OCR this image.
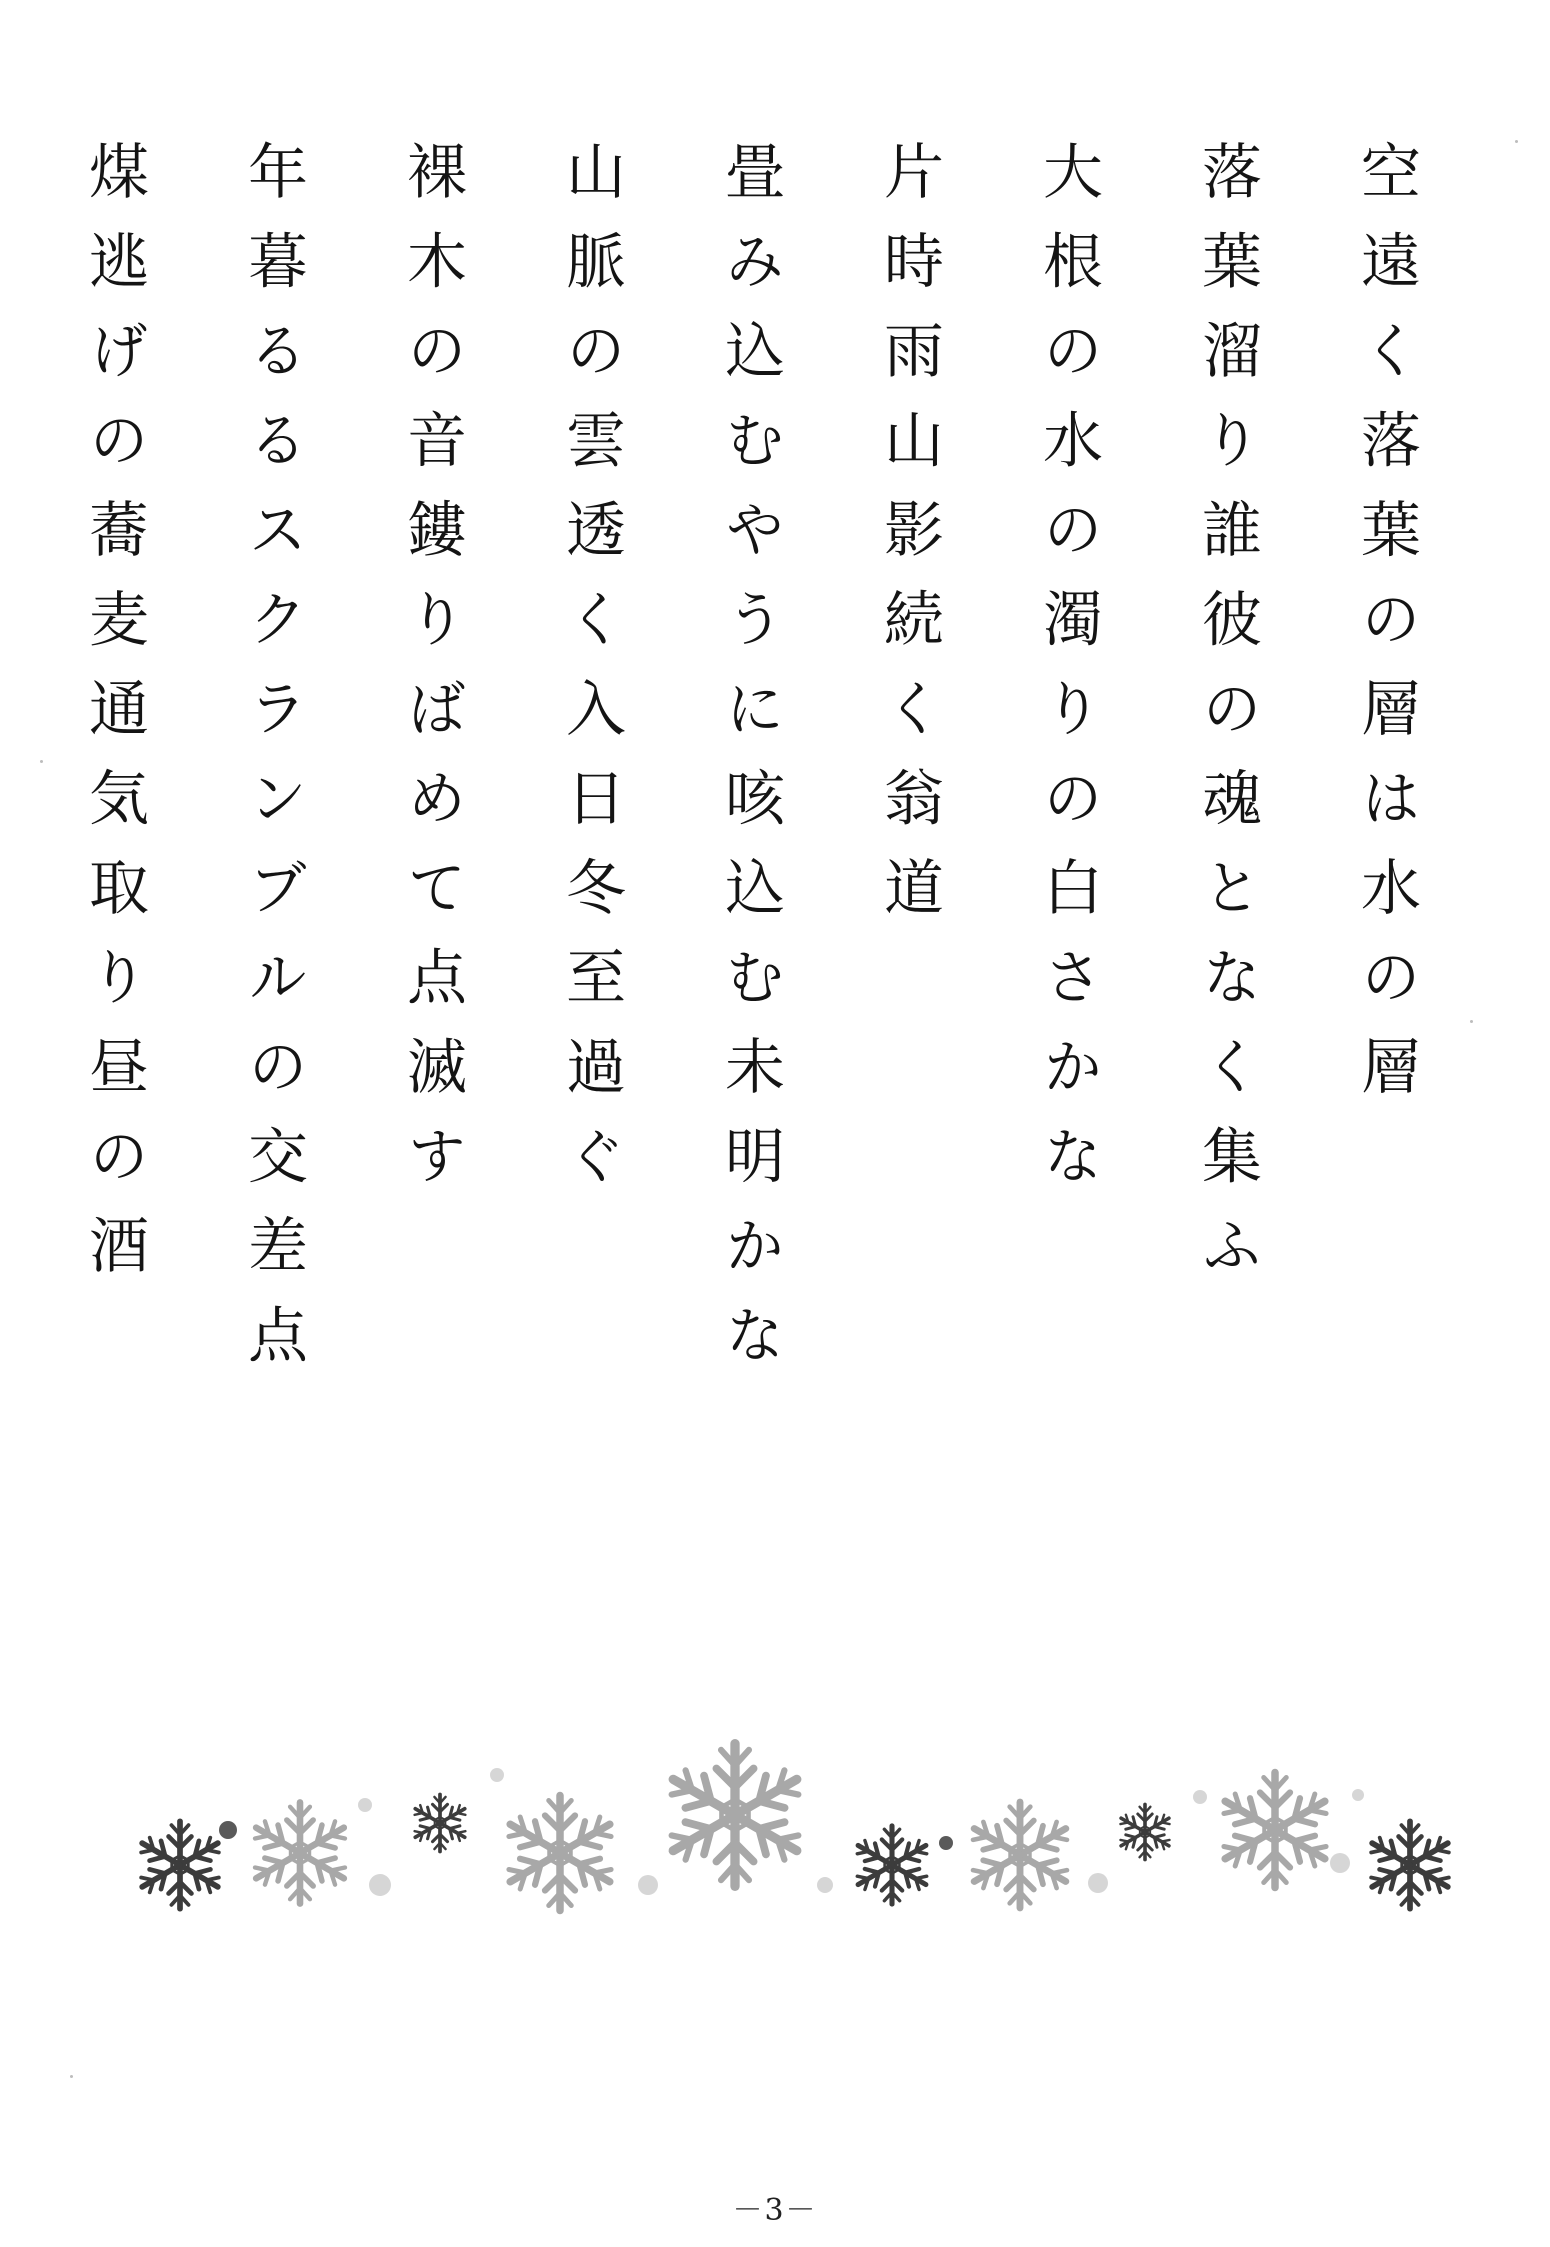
空遠く落葉の層は水の層
落葉溜り誰彼の魂となく集ふ
大根の水の濁りの白さかな
片時雨山影続く翁道
畳み込むやうに咳込む未明かな
山脈の雲透く入日冬至過ぐ
裸木の音鏤りばめて点滅す
年暮るるスクランブルの交差点
煤逃げの蕎麦通気取り昼の酒
－3－
